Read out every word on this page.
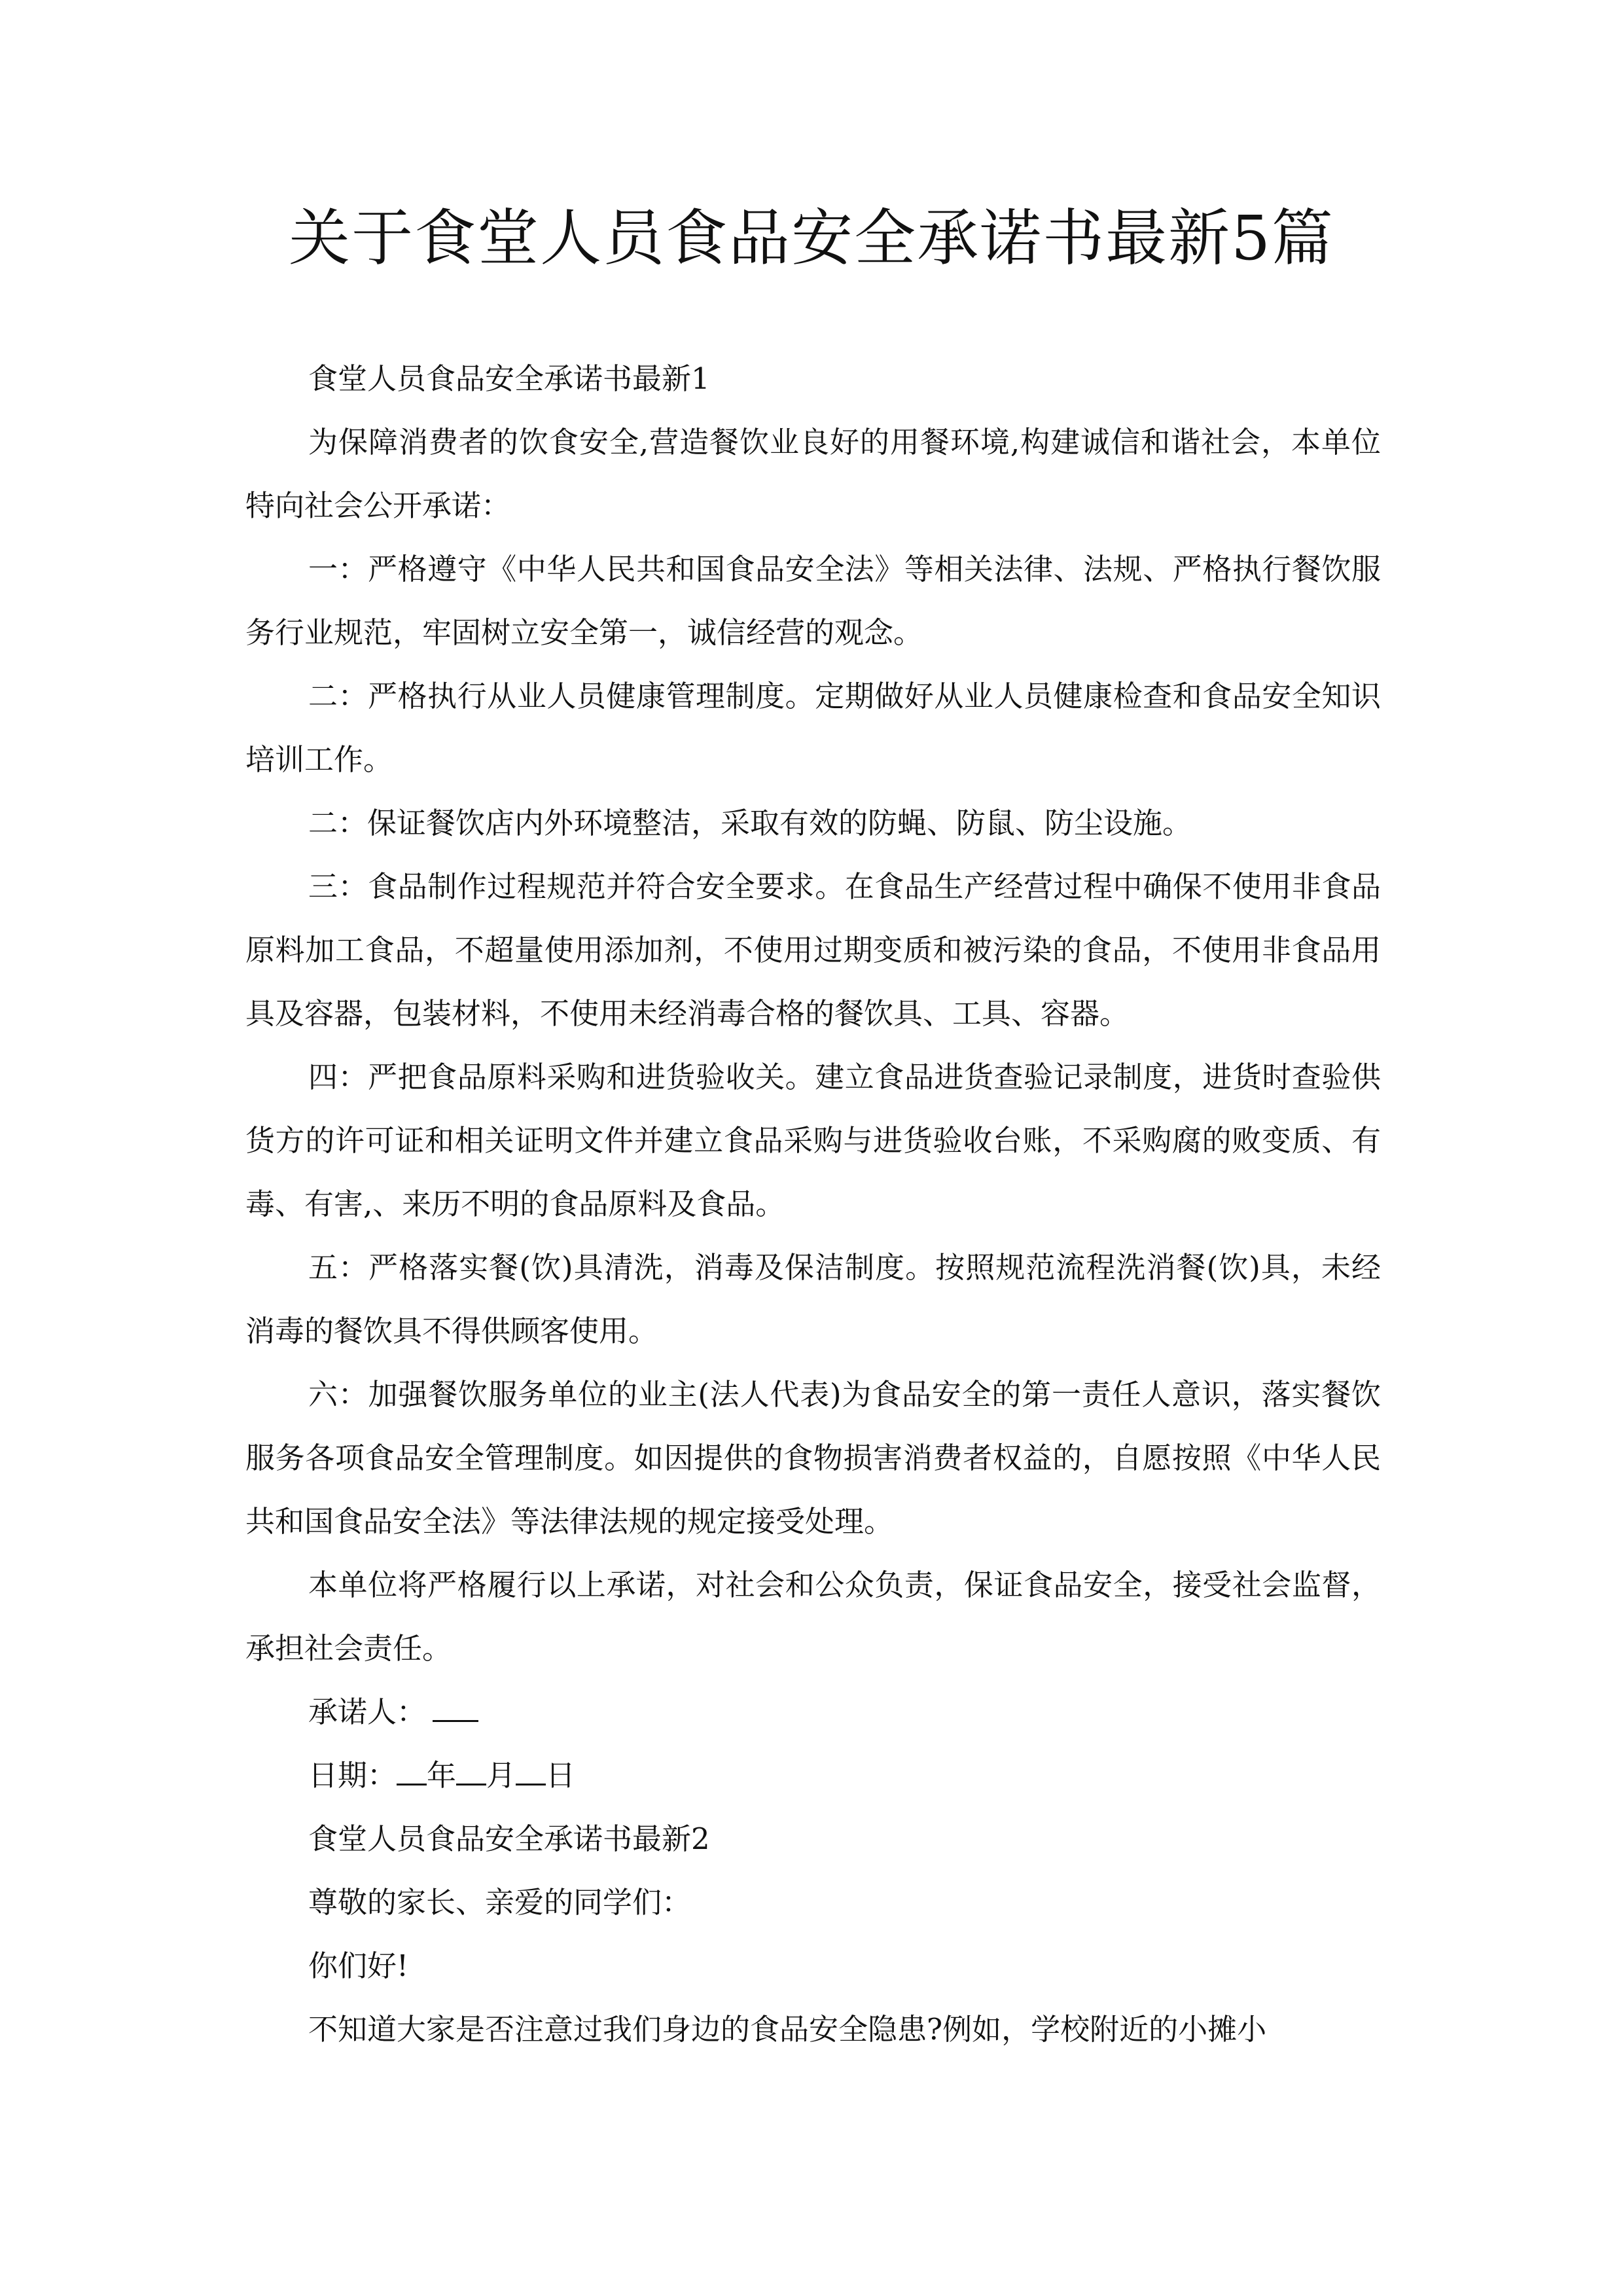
关于食堂人员食品安全承诺书最新5篇

食堂人员食品安全承诺书最新1

为保障消费者的饮食安全,营造餐饮业良好的用餐环境,构建诚信和谐社会，本单位特向社会公开承诺：

一：严格遵守《中华人民共和国食品安全法》等相关法律、法规、严格执行餐饮服务行业规范，牢固树立安全第一，诚信经营的观念。

二：严格执行从业人员健康管理制度。定期做好从业人员健康检查和食品安全知识培训工作。

二：保证餐饮店内外环境整洁，采取有效的防蝇、防鼠、防尘设施。

三：食品制作过程规范并符合安全要求。在食品生产经营过程中确保不使用非食品原料加工食品，不超量使用添加剂，不使用过期变质和被污染的食品，不使用非食品用具及容器，包装材料，不使用未经消毒合格的餐饮具、工具、容器。

四：严把食品原料采购和进货验收关。建立食品进货查验记录制度，进货时查验供货方的许可证和相关证明文件并建立食品采购与进货验收台账，不采购腐的败变质、有毒、有害,、来历不明的食品原料及食品。

五：严格落实餐(饮)具清洗，消毒及保洁制度。按照规范流程洗消餐(饮)具，未经消毒的餐饮具不得供顾客使用。

六：加强餐饮服务单位的业主(法人代表)为食品安全的第一责任人意识，落实餐饮服务各项食品安全管理制度。如因提供的食物损害消费者权益的，自愿按照《中华人民共和国食品安全法》等法律法规的规定接受处理。

本单位将严格履行以上承诺，对社会和公众负责，保证食品安全，接受社会监督，承担社会责任。

承诺人：

日期： 年 月 日

食堂人员食品安全承诺书最新2

尊敬的家长、亲爱的同学们：

你们好!

不知道大家是否注意过我们身边的食品安全隐患?例如，学校附近的小摊小
